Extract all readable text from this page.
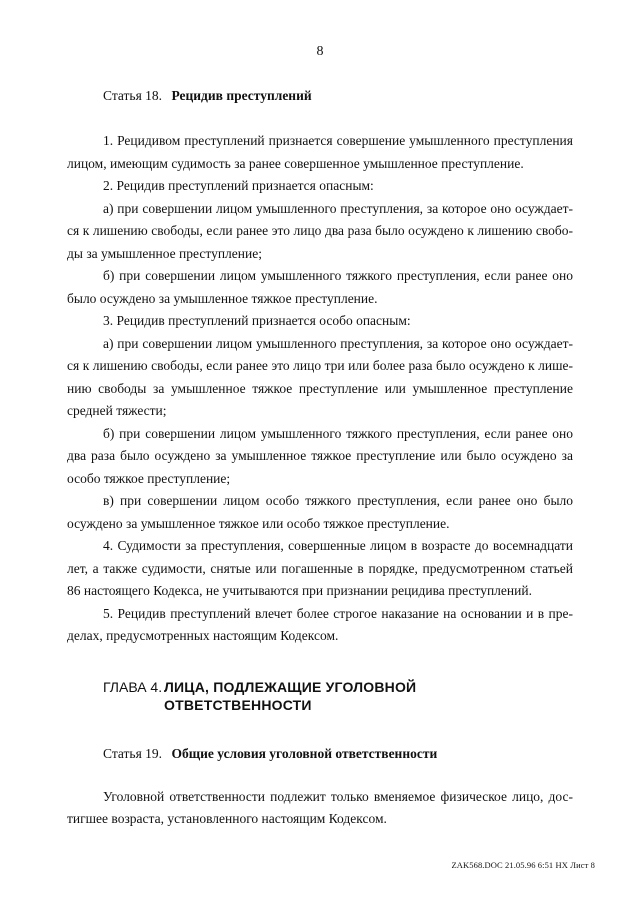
8

Статья 18. Рецидив преступлений

1. Рецидивом преступлений признается совершение умышленного преступления
лицом, имеющим судимость за ранее совершенное умышленное преступление.

2. Рецидив преступлений признается опасным:

а) при совершении лицом умышленного преступления, за которое оно осуждает-
ся к лишению свободы, если ранее это лицо два раза было осуждено к лишению свобо-
ды за умышленное преступление;

б) при совершении лицом умышленного тяжкого преступления, если ранее оно
было осуждено за умышленное тяжкое преступление.

3. Рецидив преступлений признается особо опасным:

а) при совершении лицом умышленного преступления, за которое оно осуждает-
ся к лишению свободы, если ранее это лицо три или более раза было осуждено к лише-
нию свободы за умышленное тяжкое преступление или умышленное преступление
средней тяжести;

б) при совершении лицом умышленного тяжкого преступления, если ранее оно
два раза было осуждено за умышленное тяжкое преступление или было осуждено за
особо тяжкое преступление;

в) при совершении лицом особо тяжкого преступления, если ранее оно было
осуждено за умышленное тяжкое или особо тяжкое преступление.

4. Судимости за преступления, совершенные лицом в возрасте до восемнадцати
лет, а также судимости, снятые или погашенные в порядке, предусмотренном статьей
86 настоящего Кодекса, не учитываются при признании рецидива преступлений.

5. Рецидив преступлений влечет более строгое наказание на основании и в пре-
делах, предусмотренных настоящим Кодексом.

ГЛАВА 4. ЛИЦА, ПОДЛЕЖАЩИЕ УГОЛОВНОЙ
ОТВЕТСТВЕННОСТИ

Статья 19. Общие условия уголовной ответственности

Уголовной ответственности подлежит только вменяемое физическое лицо, дос-
тигшее возраста, установленного настоящим Кодексом.

ZAK568.DOC 21.05.96 6:51 HX Лист 8
